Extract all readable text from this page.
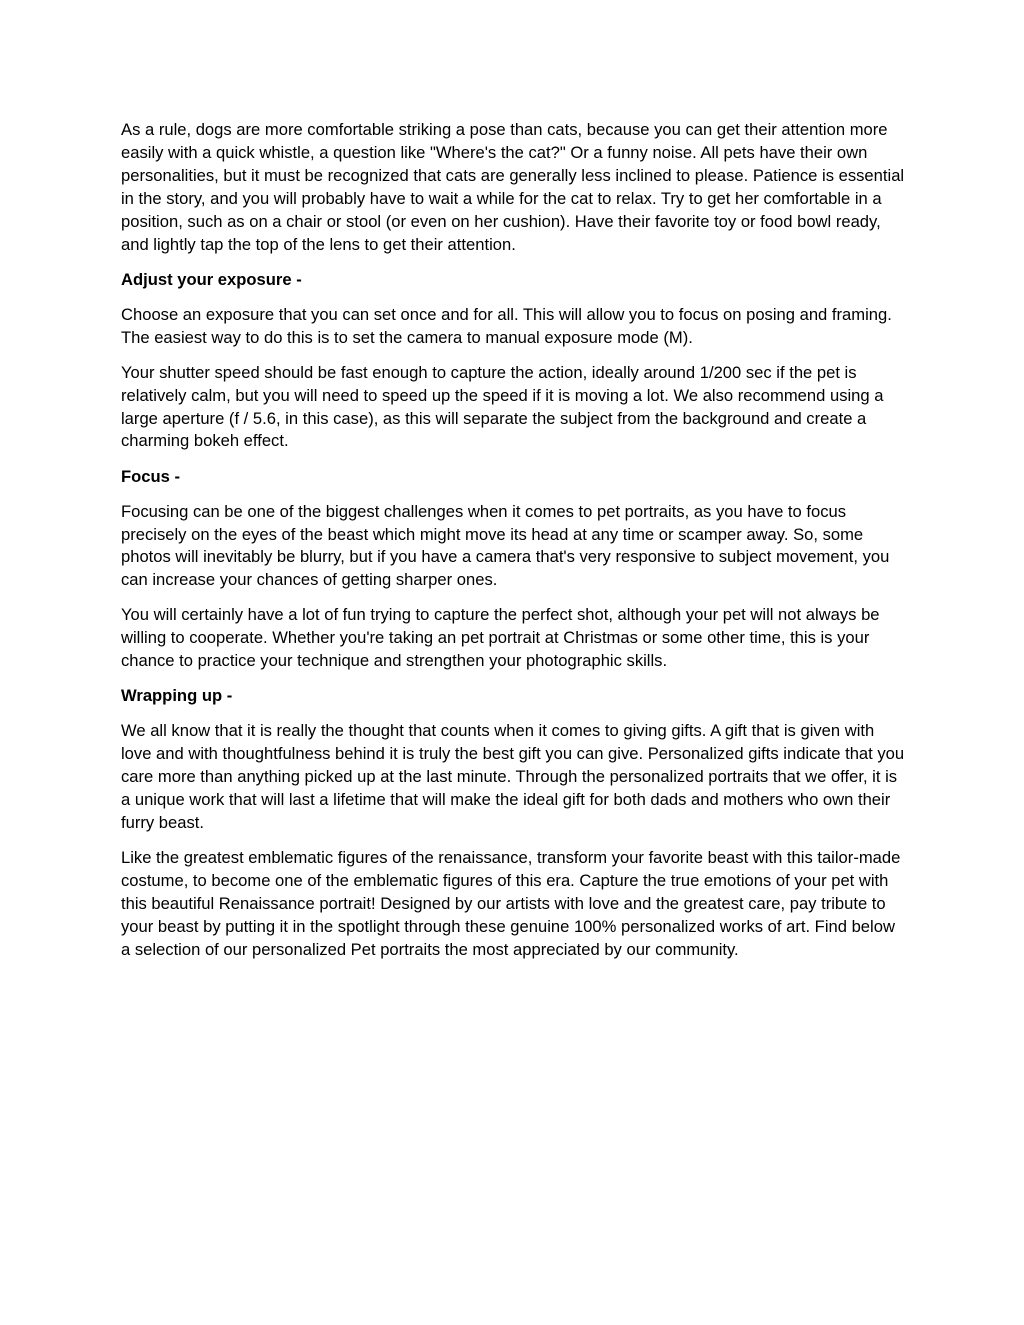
As a rule, dogs are more comfortable striking a pose than cats, because you can get their attention more easily with a quick whistle, a question like "Where's the cat?" Or a funny noise. All pets have their own personalities, but it must be recognized that cats are generally less inclined to please. Patience is essential in the story, and you will probably have to wait a while for the cat to relax. Try to get her comfortable in a position, such as on a chair or stool (or even on her cushion). Have their favorite toy or food bowl ready, and lightly tap the top of the lens to get their attention.

Adjust your exposure -

Choose an exposure that you can set once and for all. This will allow you to focus on posing and framing. The easiest way to do this is to set the camera to manual exposure mode (M).

Your shutter speed should be fast enough to capture the action, ideally around 1/200 sec if the pet is relatively calm, but you will need to speed up the speed if it is moving a lot. We also recommend using a large aperture (f / 5.6, in this case), as this will separate the subject from the background and create a charming bokeh effect.

Focus -

Focusing can be one of the biggest challenges when it comes to pet portraits, as you have to focus precisely on the eyes of the beast which might move its head at any time or scamper away. So, some photos will inevitably be blurry, but if you have a camera that's very responsive to subject movement, you can increase your chances of getting sharper ones.

You will certainly have a lot of fun trying to capture the perfect shot, although your pet will not always be willing to cooperate. Whether you're taking an pet portrait at Christmas or some other time, this is your chance to practice your technique and strengthen your photographic skills.

Wrapping up -

We all know that it is really the thought that counts when it comes to giving gifts. A gift that is given with love and with thoughtfulness behind it is truly the best gift you can give. Personalized gifts indicate that you care more than anything picked up at the last minute. Through the personalized portraits that we offer, it is a unique work that will last a lifetime that will make the ideal gift for both dads and mothers who own their furry beast.

Like the greatest emblematic figures of the renaissance, transform your favorite beast with this tailor-made costume, to become one of the emblematic figures of this era. Capture the true emotions of your pet with this beautiful Renaissance portrait! Designed by our artists with love and the greatest care, pay tribute to your beast by putting it in the spotlight through these genuine 100% personalized works of art. Find below a selection of our personalized Pet portraits the most appreciated by our community.
